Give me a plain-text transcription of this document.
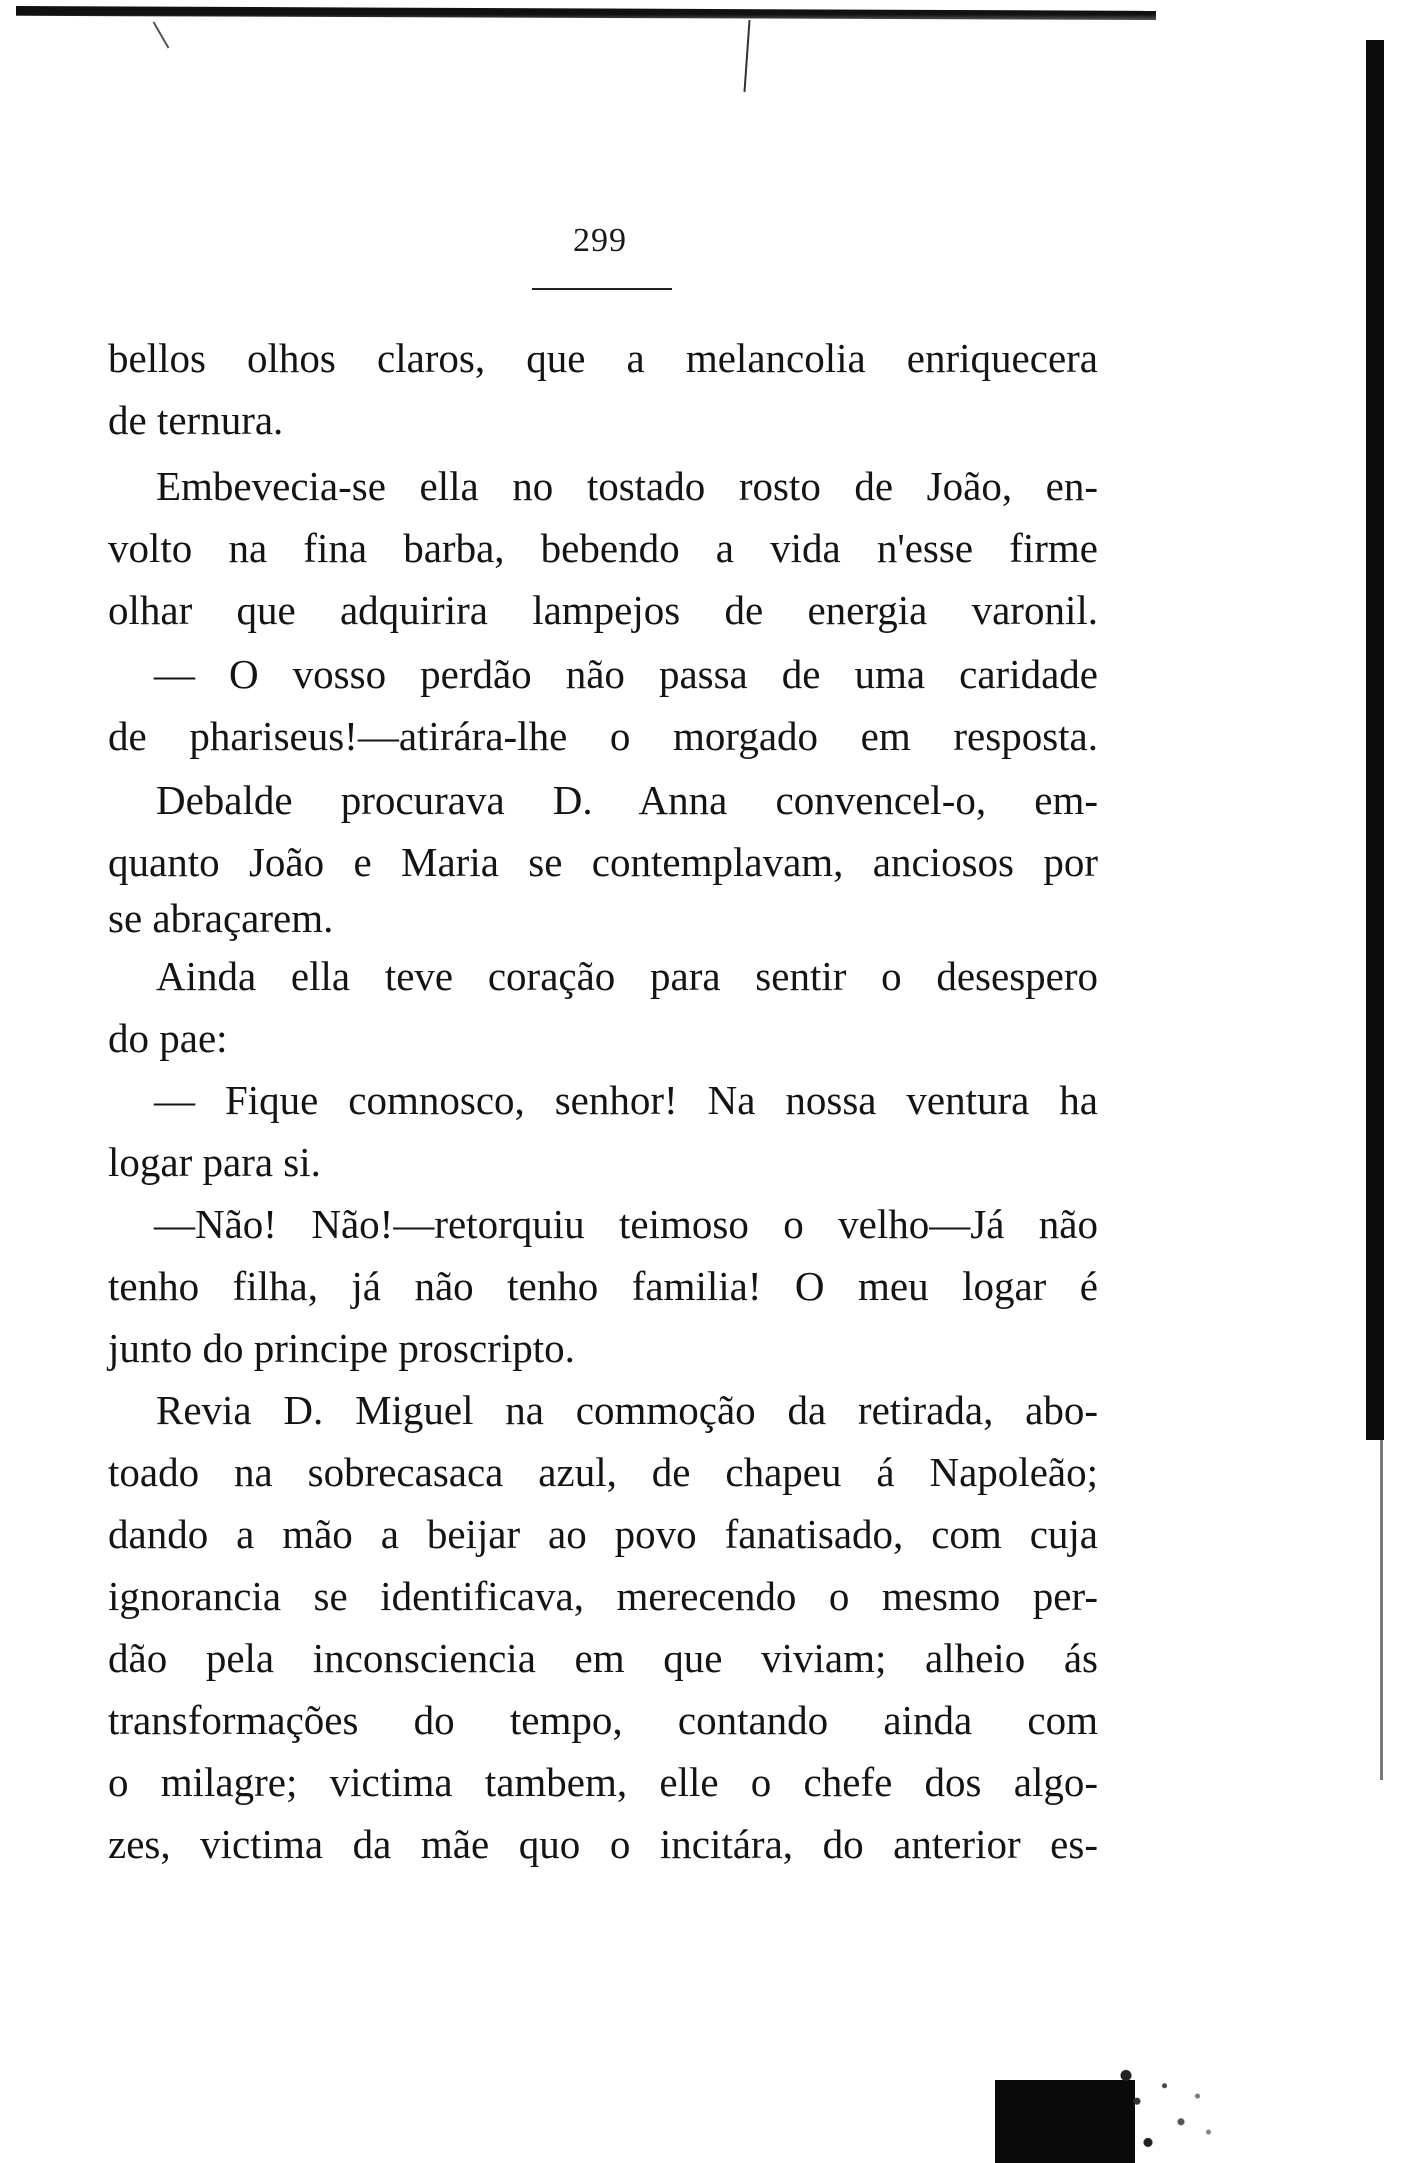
299
bellos olhos claros, que a melancolia enriquecera
de ternura.
Embevecia-se ella no tostado rosto de João, en-
volto na fina barba, bebendo a vida n'esse firme
olhar que adquirira lampejos de energia varonil.
— O vosso perdão não passa de uma caridade
de phariseus!—atirára-lhe o morgado em resposta.
Debalde procurava D. Anna convencel-o, em-
quanto João e Maria se contemplavam, anciosos por
se abraçarem.
Ainda ella teve coração para sentir o desespero
do pae:
— Fique comnosco, senhor! Na nossa ventura ha
logar para si.
—Não! Não!—retorquiu teimoso o velho—Já não
tenho filha, já não tenho familia! O meu logar é
junto do principe proscripto.
Revia D. Miguel na commoção da retirada, abo-
toado na sobrecasaca azul, de chapeu á Napoleão;
dando a mão a beijar ao povo fanatisado, com cuja
ignorancia se identificava, merecendo o mesmo per-
dão pela inconsciencia em que viviam; alheio ás
transformações do tempo, contando ainda com
o milagre; victima tambem, elle o chefe dos algo-
zes, victima da mãe quo o incitára, do anterior es-
